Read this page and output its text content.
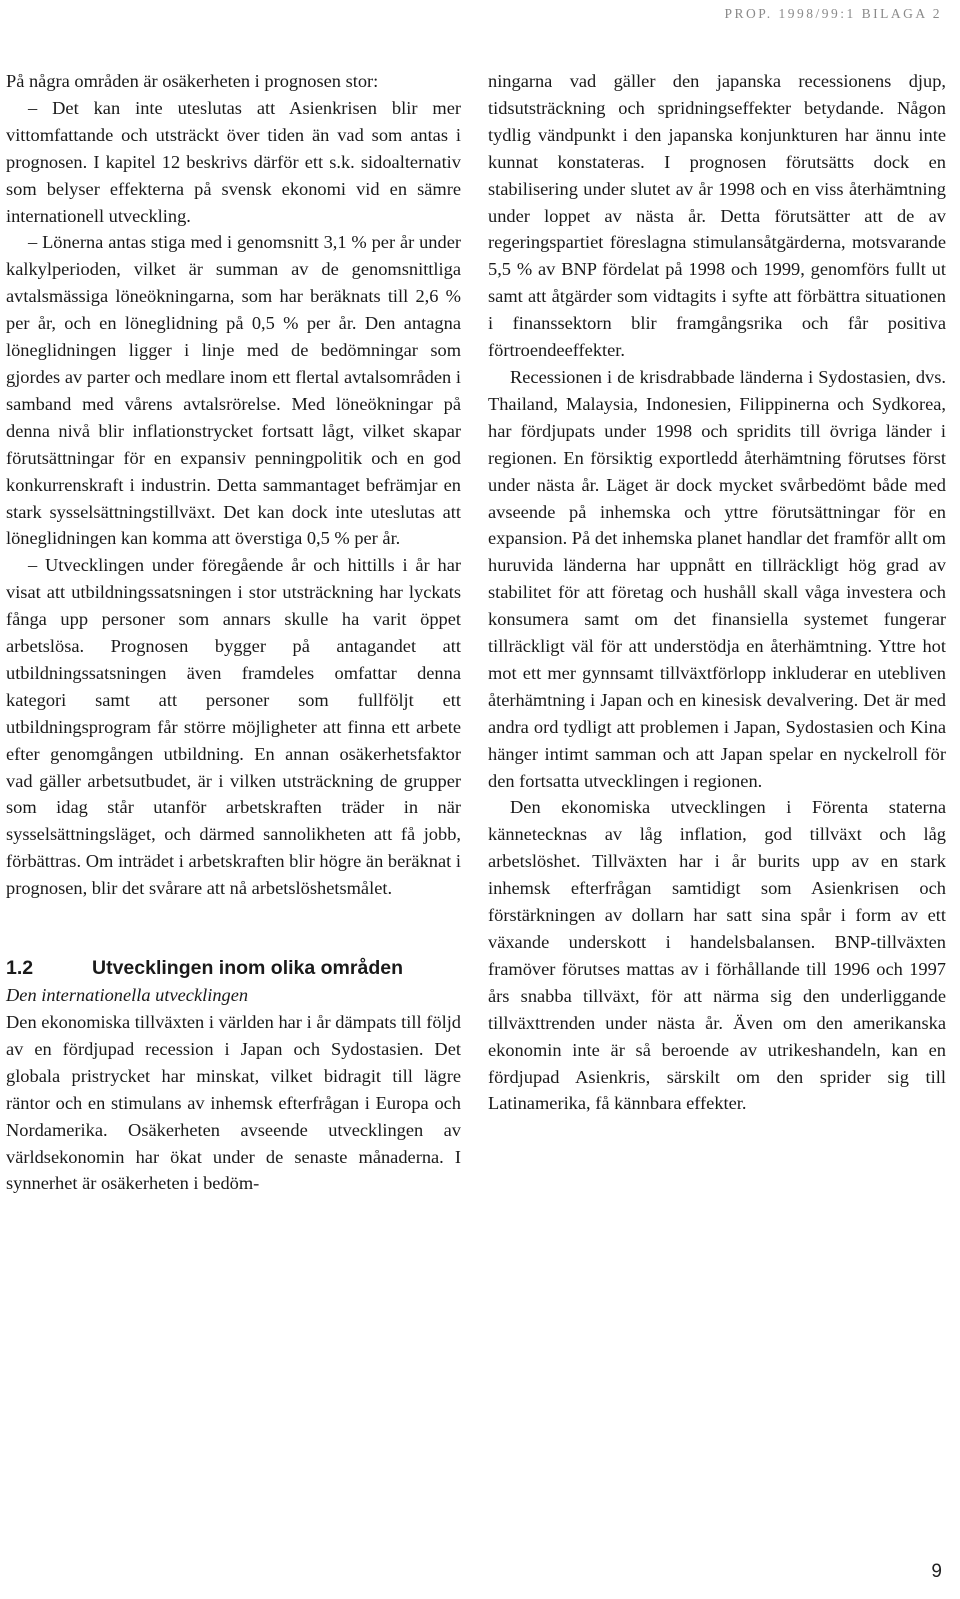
PROP. 1998/99:1 BILAGA 2

På några områden är osäkerheten i prognosen stor:

– Det kan inte uteslutas att Asienkrisen blir mer vittomfattande och utsträckt över tiden än vad som antas i prognosen. I kapitel 12 beskrivs därför ett s.k. sidoalternativ som belyser effekterna på svensk ekonomi vid en sämre internationell utveckling.

– Lönerna antas stiga med i genomsnitt 3,1 % per år under kalkylperioden, vilket är summan av de genomsnittliga avtalsmässiga löneökningarna, som har beräknats till 2,6 % per år, och en löneglidning på 0,5 % per år. Den antagna löneglidningen ligger i linje med de bedömningar som gjordes av parter och medlare inom ett flertal avtalsområden i samband med vårens avtalsrörelse. Med löneökningar på denna nivå blir inflationstrycket fortsatt lågt, vilket skapar förutsättningar för en expansiv penningpolitik och en god konkurrenskraft i industrin. Detta sammantaget befrämjar en stark sysselsättningstillväxt. Det kan dock inte uteslutas att löneglidningen kan komma att överstiga 0,5 % per år.

– Utvecklingen under föregående år och hittills i år har visat att utbildningssatsningen i stor utsträckning har lyckats fånga upp personer som annars skulle ha varit öppet arbetslösa. Prognosen bygger på antagandet att utbildningssatsningen även framdeles omfattar denna kategori samt att personer som fullföljt ett utbildningsprogram får större möjligheter att finna ett arbete efter genomgången utbildning. En annan osäkerhetsfaktor vad gäller arbetsutbudet, är i vilken utsträckning de grupper som idag står utanför arbetskraften träder in när sysselsättningsläget, och därmed sannolikheten att få jobb, förbättras. Om inträdet i arbetskraften blir högre än beräknat i prognosen, blir det svårare att nå arbetslöshetsmålet.

1.2	Utvecklingen inom olika områden

Den internationella utvecklingen

Den ekonomiska tillväxten i världen har i år dämpats till följd av en fördjupad recession i Japan och Sydostasien. Det globala pristrycket har minskat, vilket bidragit till lägre räntor och en stimulans av inhemsk efterfrågan i Europa och Nordamerika. Osäkerheten avseende utvecklingen av världsekonomin har ökat under de senaste månaderna. I synnerhet är osäkerheten i bedöm-

ningarna vad gäller den japanska recessionens djup, tidsutsträckning och spridningseffekter betydande. Någon tydlig vändpunkt i den japanska konjunkturen har ännu inte kunnat konstateras. I prognosen förutsätts dock en stabilisering under slutet av år 1998 och en viss återhämtning under loppet av nästa år. Detta förutsätter att de av regeringspartiet föreslagna stimulansåtgärderna, motsvarande 5,5 % av BNP fördelat på 1998 och 1999, genomförs fullt ut samt att åtgärder som vidtagits i syfte att förbättra situationen i finanssektorn blir framgångsrika och får positiva förtroendeeffekter.

Recessionen i de krisdrabbade länderna i Sydostasien, dvs. Thailand, Malaysia, Indonesien, Filippinerna och Sydkorea, har fördjupats under 1998 och spridits till övriga länder i regionen. En försiktig exportledd återhämtning förutses först under nästa år. Läget är dock mycket svårbedömt både med avseende på inhemska och yttre förutsättningar för en expansion. På det inhemska planet handlar det framför allt om huruvida länderna har uppnått en tillräckligt hög grad av stabilitet för att företag och hushåll skall våga investera och konsumera samt om det finansiella systemet fungerar tillräckligt väl för att understödja en återhämtning. Yttre hot mot ett mer gynnsamt tillväxtförlopp inkluderar en utebliven återhämtning i Japan och en kinesisk devalvering. Det är med andra ord tydligt att problemen i Japan, Sydostasien och Kina hänger intimt samman och att Japan spelar en nyckelroll för den fortsatta utvecklingen i regionen.

Den ekonomiska utvecklingen i Förenta staterna kännetecknas av låg inflation, god tillväxt och låg arbetslöshet. Tillväxten har i år burits upp av en stark inhemsk efterfrågan samtidigt som Asienkrisen och förstärkningen av dollarn har satt sina spår i form av ett växande underskott i handelsbalansen. BNP-tillväxten framöver förutses mattas av i förhållande till 1996 och 1997 års snabba tillväxt, för att närma sig den underliggande tillväxttrenden under nästa år. Även om den amerikanska ekonomin inte är så beroende av utrikeshandeln, kan en fördjupad Asienkris, särskilt om den sprider sig till Latinamerika, få kännbara effekter.

9
